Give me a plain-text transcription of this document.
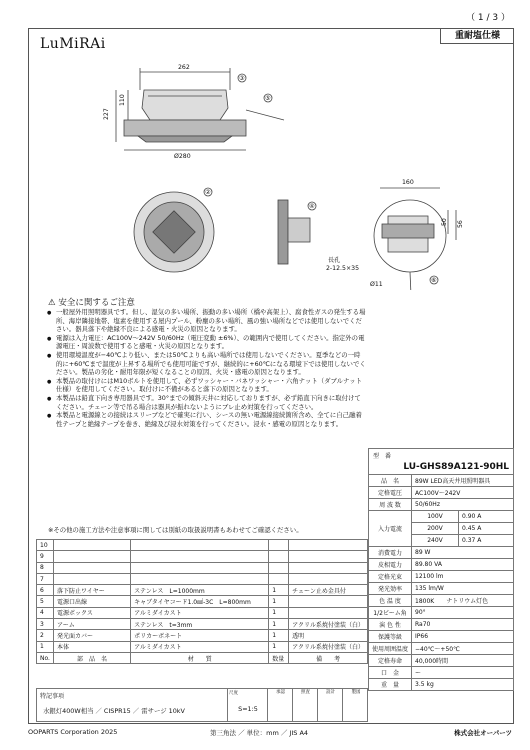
（ 1 / 3 ）
LuMiRAi	重耐塩仕様
262
227
110
Ø280
③
⑤
②
④
160
50 56
長孔
2-12.5×35
Ø11
⑥
⚠ 安全に関するご注意
● 一般屋外用照明器具です。但し、湿気の多い場所、振動の多い場所（橋や高架上）、腐食性ガスの発生する場所、海岸隣接地帯、塩素を使用する屋内プール、粉塵の多い場所、風の強い場所などでは使用しないでください。器具落下や絶縁不良による感電・火災の原因となります。
● 電源は入力電圧：AC100V〜242V 50/60Hz（電圧変動 ±6%）、の範囲内で使用してください。指定外の電源電圧・周波数で使用すると感電・火災の原因となります。
● 使用環境温度が−40℃より低い、または50℃よりも高い場所では使用しないでください。夏季などの一時的に+60℃まで温度が上昇する場所でも使用可能ですが、継続的に+60℃になる環境下では使用しないでください。製品の劣化・耐用年限が短くなることの原因、火災・感電の原因となります。
● 本製品の取付けにはM10ボルトを使用して、必ずワッシャー・バネワッシャー・六角ナット（ダブルナット仕様）を使用してください。取付けに不備があると落下の原因となります。
● 本製品は鉛直下向き専用器具です。30°までの傾斜天井に対応しておりますが、必ず鉛直下向きに取付けてください。チェーン等で吊る場合は器具が振れないようにブレ止め対策を行ってください。
● 本製品と電源線との接続はスリーブなどで確実に行い、シースの無い電源線接続箇所含め、全てに自己融着性テープと絶縁テープを巻き、絶縁及び浸水対策を行ってください。浸水・感電の原因となります。
※その他の施工方法や注意事項に関しては別紙の取扱説明書もあわせてご確認ください。
型　番
LU-GHS89A121-90HL
品　名	89W LED高天井用照明器具	
定格電圧	AC100V〜242V	
周 波 数	50/60Hz	
入力電流	100V	0.90 A
	200V	0.45 A
	240V	0.37 A
消費電力	89 W	
皮相電力	89.80 VA	
定格光束	12100 lm	
発光効率	135 lm/W	
色 温 度	1800K　　ナトリウム灯色	
1/2ビーム角	90°	
演 色 性	Ra70	
保護等級	IP66	
使用周囲温度	−40℃〜+50℃	
定格寿命	40,000時間	
口　金	ー	
重　量	3.5 kg	
10				
9				
8				
7				
6	落下防止ワイヤー	ステンレス　L=1000mm	1	チェーン止め金具付
5	電源口出線	キャブタイヤコード1.0㎟-3C　L=800mm	1	
4	電源ボックス	アルミダイカスト	1	
3	アーム	ステンレス　t=3mm	1	アクリル系焼付塗装（白）
2	発光面カバー	ポリカーボネート	1	透明
1	本体	アルミダイカスト	1	アクリル系焼付塗装（白）
No.	部　品　名	材　　質	数量	備　　考
特記事項
水銀灯400W相当 ／ CISPR15 ／ 雷サージ 10kV
尺度
S=1:5
承認	照査	設計	製図
OOPARTS Corporation 2025	第三角法 ／ 単位：mm ／ JIS A4	株式会社オーパーツ
